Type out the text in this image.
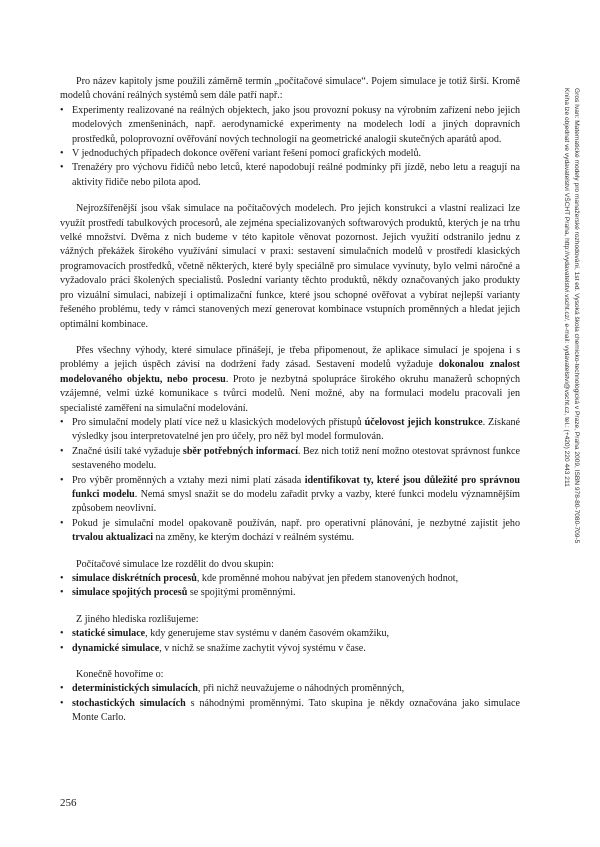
Gros Ivan: Matematické modely pro manažerské rozhodování, 1st ed. Vysoká škola chemicko-technologická v Praze, Praha 2009, ISBN 978-80-7080-709-5
Kniha lze objednat ve vydavatelství VŠCHT Praha, http://vydavatelstvi.vscht.cz/, e-mail: vydavatelstvi@vscht.cz, tel.: (+420) 220 443 211

Pro název kapitoly jsme použili záměrně termín „počítačové simulace“. Pojem simulace je totiž širší. Kromě modelů chování reálných systémů sem dále patří např.:

• Experimenty realizované na reálných objektech, jako jsou provozní pokusy na výrobním zařízení nebo jejich modelových zmenšeninách, např. aerodynamické experimenty na modelech lodí a jiných dopravních prostředků, poloprovozní ověřování nových technologií na geometrické analogii skutečných aparátů apod.
• V jednoduchých případech dokonce ověření variant řešení pomocí grafických modelů.
• Trenažéry pro výchovu řidičů nebo letců, které napodobují reálné podmínky při jízdě, nebo letu a reagují na aktivity řidiče nebo pilota apod.

Nejrozšířenější jsou však simulace na počítačových modelech. Pro jejich konstrukci a vlastní realizaci lze využít prostředí tabulkových procesorů, ale zejména specializovaných softwarových produktů, kterých je na trhu velké množství. Dvěma z nich budeme v této kapitole věnovat pozornost. Jejich využití odstranilo jednu z vážných překážek širokého využívání simulací v praxi: sestavení simulačních modelů v prostředí klasických programovacích prostředků, včetně některých, které byly speciálně pro simulace vyvinuty, bylo velmi náročné a vyžadovalo práci školených specialistů. Poslední varianty těchto produktů, někdy označovaných jako produkty pro vizuální simulaci, nabízejí i optimalizační funkce, které jsou schopné ověřovat a vybírat nejlepší varianty řešeného problému, tedy v rámci stanovených mezí generovat kombinace vstupních proměnných a hledat jejich optimální kombinace.

Přes všechny výhody, které simulace přinášejí, je třeba připomenout, že aplikace simulací je spojena i s problémy a jejich úspěch závisí na dodržení řady zásad. Sestavení modelů vyžaduje dokonalou znalost modelovaného objektu, nebo procesu. Proto je nezbytná spolupráce širokého okruhu manažerů schopných vzájemné, velmi úzké komunikace s tvůrci modelů. Není možné, aby na formulaci modelu pracovali jen specialisté zaměření na simulační modelování.

• Pro simulační modely platí více než u klasických modelových přístupů účelovost jejich konstrukce. Získané výsledky jsou interpretovatelné jen pro účely, pro něž byl model formulován.
• Značné úsilí také vyžaduje sběr potřebných informací. Bez nich totiž není možno otestovat správnost funkce sestaveného modelu.
• Pro výběr proměnných a vztahy mezi nimi platí zásada identifikovat ty, které jsou důležité pro správnou funkci modelu. Nemá smysl snažit se do modelu zařadit prvky a vazby, které funkci modelu významnějším způsobem neovlivní.
• Pokud je simulační model opakovaně používán, např. pro operativní plánování, je nezbytné zajistit jeho trvalou aktualizaci na změny, ke kterým dochází v reálném systému.

Počítačové simulace lze rozdělit do dvou skupin:

• simulace diskrétních procesů, kde proměnné mohou nabývat jen předem stanovených hodnot,
• simulace spojitých procesů se spojitými proměnnými.

Z jiného hlediska rozlišujeme:

• statické simulace, kdy generujeme stav systému v daném časovém okamžiku,
• dynamické simulace, v nichž se snažíme zachytit vývoj systému v čase.

Konečně hovoříme o:

• deterministických simulacích, při nichž neuvažujeme o náhodných proměnných,
• stochastických simulacích s náhodnými proměnnými. Tato skupina je někdy označována jako simulace Monte Carlo.
256
